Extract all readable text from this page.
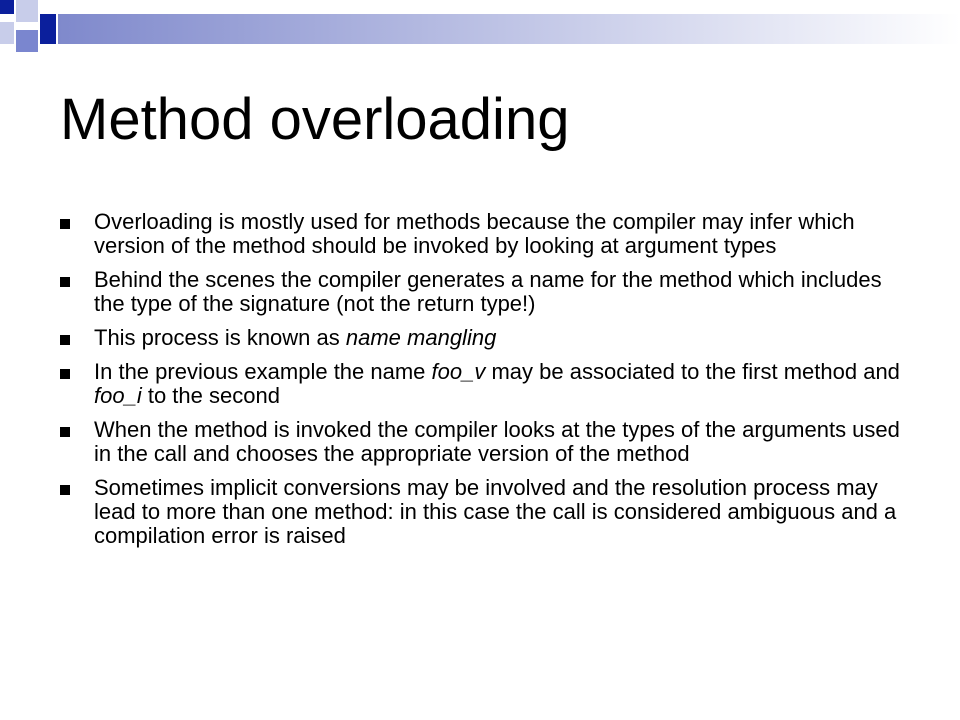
Method overloading
Overloading is mostly used for methods because the compiler may infer which version of the method should be invoked by looking at argument types
Behind the scenes the compiler generates a name for the method which includes the type of the signature (not the return type!)
This process is known as name mangling
In the previous example the name foo_v may be associated to the first method and foo_i to the second
When the method is invoked the compiler looks at the types of the arguments used in the call and chooses the appropriate version of the method
Sometimes implicit conversions may be involved and the resolution process may lead to more than one method: in this case the call is considered ambiguous and a compilation error is raised
